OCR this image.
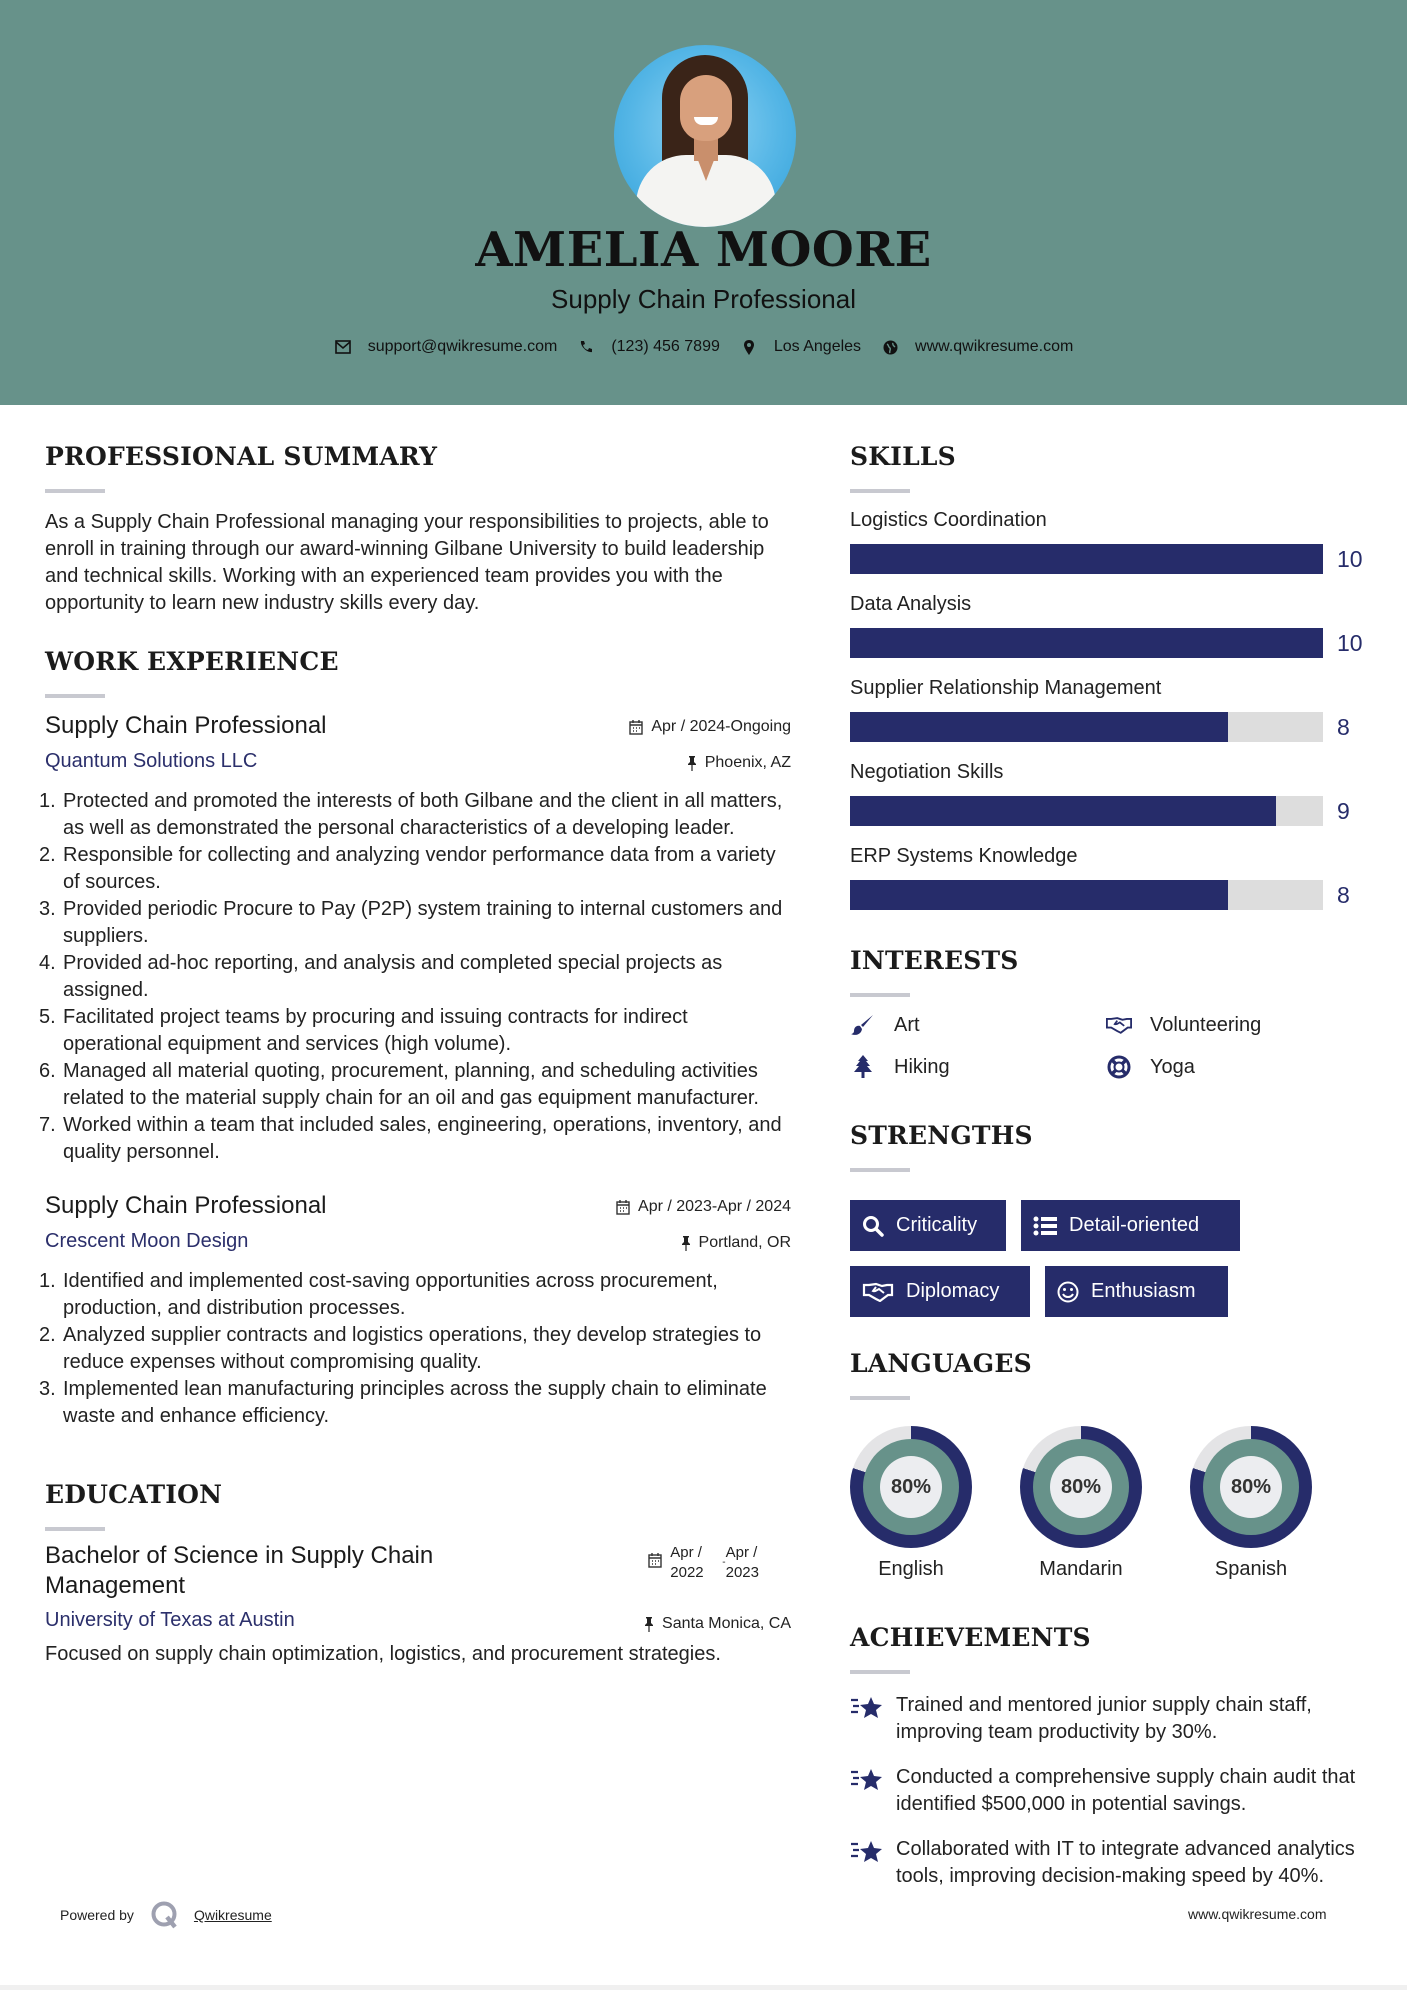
AMELIA MOORE
Supply Chain Professional
support@qwikresume.com	(123) 456 7899	Los Angeles	www.qwikresume.com
PROFESSIONAL SUMMARY

As a Supply Chain Professional managing your responsibilities to projects, able to enroll in training through our award-winning Gilbane University to build leadership and technical skills. Working with an experienced team provides you with the opportunity to learn new industry skills every day.

WORK EXPERIENCE
Supply Chain Professional	Apr / 2024-Ongoing
Quantum Solutions LLC	Phoenix, AZ
1. Protected and promoted the interests of both Gilbane and the client in all matters, as well as demonstrated the personal characteristics of a developing leader.
2. Responsible for collecting and analyzing vendor performance data from a variety of sources.
3. Provided periodic Procure to Pay (P2P) system training to internal customers and suppliers.
4. Provided ad-hoc reporting, and analysis and completed special projects as assigned.
5. Facilitated project teams by procuring and issuing contracts for indirect operational equipment and services (high volume).
6. Managed all material quoting, procurement, planning, and scheduling activities related to the material supply chain for an oil and gas equipment manufacturer.
7. Worked within a team that included sales, engineering, operations, inventory, and quality personnel.
Supply Chain Professional	Apr / 2023-Apr / 2024
Crescent Moon Design	Portland, OR
1. Identified and implemented cost-saving opportunities across procurement, production, and distribution processes.
2. Analyzed supplier contracts and logistics operations, they develop strategies to reduce expenses without compromising quality.
3. Implemented lean manufacturing principles across the supply chain to eliminate waste and enhance efficiency.
EDUCATION
Bachelor of Science in Supply Chain Management
Apr /
2022
-
Apr /
2023
University of Texas at Austin	Santa Monica, CA

Focused on supply chain optimization, logistics, and procurement strategies.

SKILLS
Logistics Coordination
10
Data Analysis
10
Supplier Relationship Management
8
Negotiation Skills
9
ERP Systems Knowledge
8
INTERESTS
Art	Volunteering
Hiking	Yoga
STRENGTHS
Criticality	Detail-oriented
Diplomacy	Enthusiasm
LANGUAGES
80%
English
80%
Mandarin
80%
Spanish
ACHIEVEMENTS
Trained and mentored junior supply chain staff, improving team productivity by 30%.
Conducted a comprehensive supply chain audit that identified $500,000 in potential savings.
Collaborated with IT to integrate advanced analytics tools, improving decision-making speed by 40%.
Powered by	Qwikresume	www.qwikresume.com
